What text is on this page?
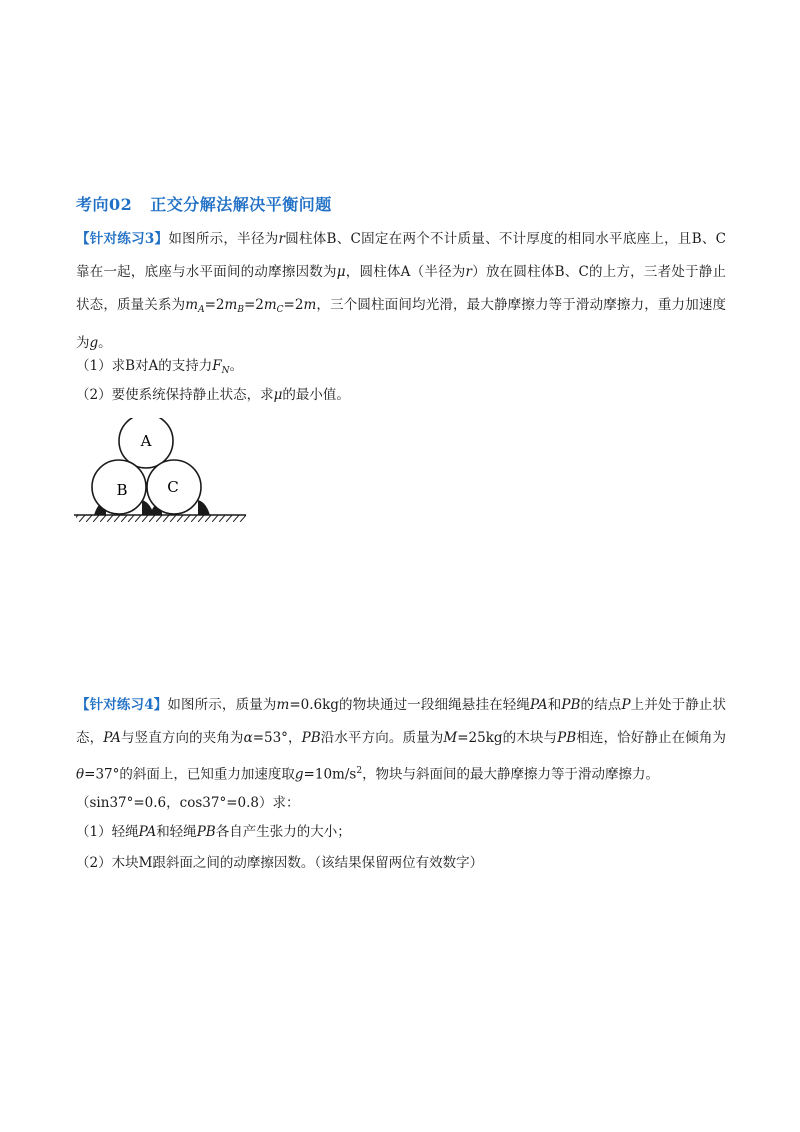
考向02 正交分解法解决平衡问题

【针对练习3】如图所示，半径为r圆柱体B、C固定在两个不计质量、不计厚度的相同水平底座上，且B、C靠在一起，底座与水平面间的动摩擦因数为μ，圆柱体A（半径为r）放在圆柱体B、C的上方，三者处于静止状态，质量关系为$m_A=2m_B=2m_C=2m$，三个圆柱面间均光滑，最大静摩擦力等于滑动摩擦力，重力加速度为g。

（1）求B对A的支持力$F_N$。

（2）要使系统保持静止状态，求μ的最小值。

A
B	C

【针对练习4】如图所示，质量为m=0.6kg的物块通过一段细绳悬挂在轻绳PA和PB的结点P上并处于静止状态，PA与竖直方向的夹角为α=53°，PB沿水平方向。质量为M=25kg的木块与PB相连，恰好静止在倾角为θ=37°的斜面上，已知重力加速度取$g=10m/s^2$，物块与斜面间的最大静摩擦力等于滑动摩擦力。

（sin37°=0.6，cos37°=0.8）求：

（1）轻绳PA和轻绳PB各自产生张力的大小；

（2）木块M跟斜面之间的动摩擦因数。（该结果保留两位有效数字）
